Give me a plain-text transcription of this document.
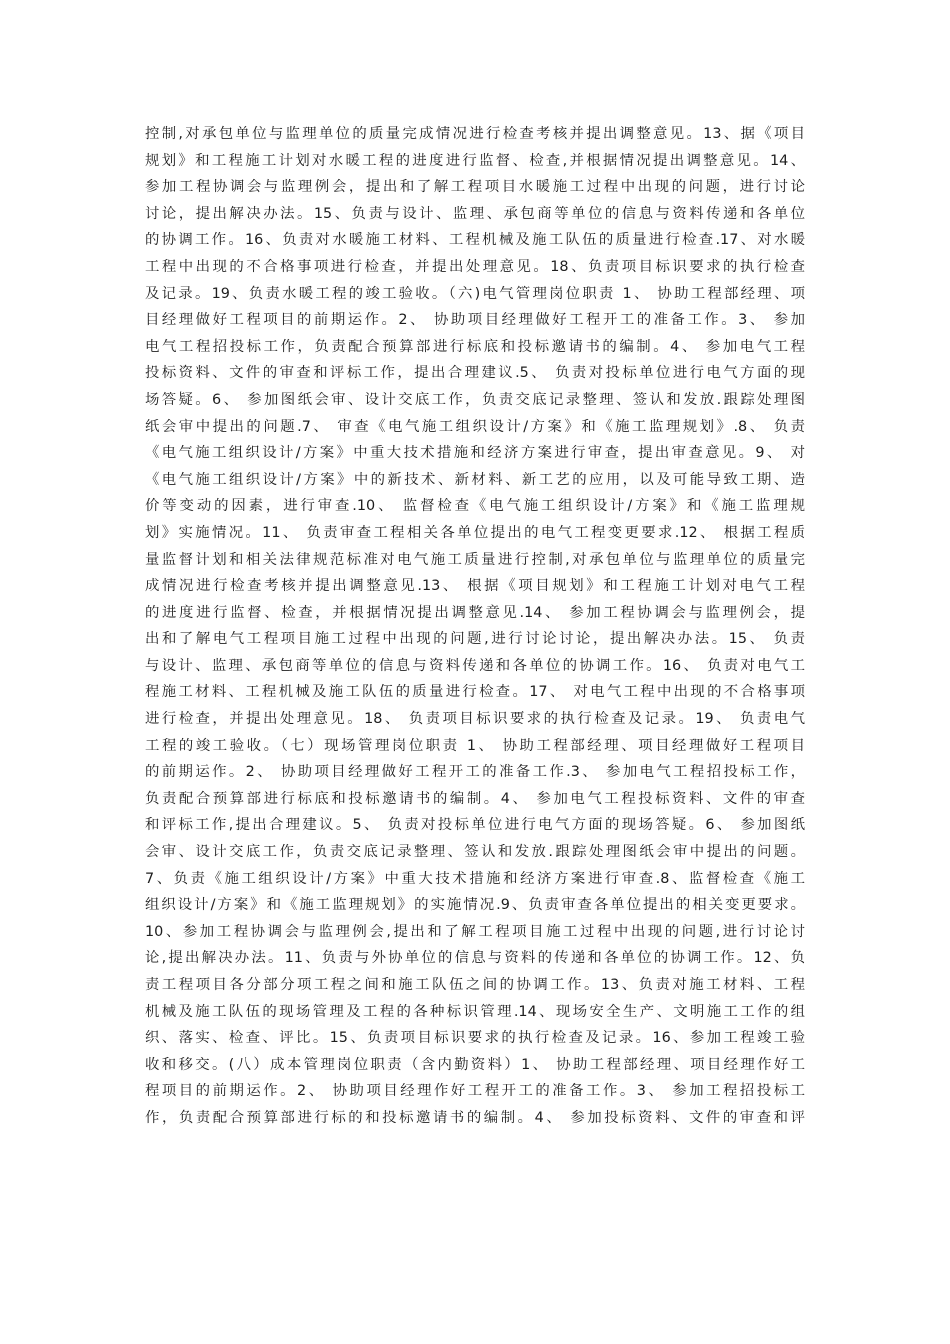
控制,对承包单位与监理单位的质量完成情况进行检查考核并提出调整意见。13、据《项目
规划》和工程施工计划对水暖工程的进度进行监督、检查,并根据情况提出调整意见。14、
参加工程协调会与监理例会，提出和了解工程项目水暖施工过程中出现的问题，进行讨论
讨论，提出解决办法。15、负责与设计、监理、承包商等单位的信息与资料传递和各单位
的协调工作。16、负责对水暖施工材料、工程机械及施工队伍的质量进行检查.17、对水暖
工程中出现的不合格事项进行检查，并提出处理意见。18、负责项目标识要求的执行检查
及记录。19、负责水暖工程的竣工验收。（六)电气管理岗位职责 1、 协助工程部经理、项
目经理做好工程项目的前期运作。2、 协助项目经理做好工程开工的准备工作。3、 参加
电气工程招投标工作，负责配合预算部进行标底和投标邀请书的编制。4、 参加电气工程
投标资料、文件的审查和评标工作，提出合理建议.5、 负责对投标单位进行电气方面的现
场答疑。6、 参加图纸会审、设计交底工作，负责交底记录整理、签认和发放.跟踪处理图
纸会审中提出的问题.7、 审查《电气施工组织设计/方案》和《施工监理规划》.8、 负责
《电气施工组织设计/方案》中重大技术措施和经济方案进行审查，提出审查意见。9、 对
《电气施工组织设计/方案》中的新技术、新材料、新工艺的应用，以及可能导致工期、造
价等变动的因素，进行审查.10、 监督检查《电气施工组织设计/方案》和《施工监理规
划》实施情况。11、 负责审查工程相关各单位提出的电气工程变更要求.12、 根据工程质
量监督计划和相关法律规范标准对电气施工质量进行控制,对承包单位与监理单位的质量完
成情况进行检查考核并提出调整意见.13、 根据《项目规划》和工程施工计划对电气工程
的进度进行监督、检查，并根据情况提出调整意见.14、 参加工程协调会与监理例会，提
出和了解电气工程项目施工过程中出现的问题,进行讨论讨论，提出解决办法。15、 负责
与设计、监理、承包商等单位的信息与资料传递和各单位的协调工作。16、 负责对电气工
程施工材料、工程机械及施工队伍的质量进行检查。17、 对电气工程中出现的不合格事项
进行检查，并提出处理意见。18、 负责项目标识要求的执行检查及记录。19、 负责电气
工程的竣工验收。（七）现场管理岗位职责 1、 协助工程部经理、项目经理做好工程项目
的前期运作。2、 协助项目经理做好工程开工的准备工作.3、 参加电气工程招投标工作，
负责配合预算部进行标底和投标邀请书的编制。4、 参加电气工程投标资料、文件的审查
和评标工作,提出合理建议。5、 负责对投标单位进行电气方面的现场答疑。6、 参加图纸
会审、设计交底工作，负责交底记录整理、签认和发放.跟踪处理图纸会审中提出的问题。
7、负责《施工组织设计/方案》中重大技术措施和经济方案进行审查.8、监督检查《施工
组织设计/方案》和《施工监理规划》的实施情况.9、负责审查各单位提出的相关变更要求。
10、参加工程协调会与监理例会,提出和了解工程项目施工过程中出现的问题,进行讨论讨
论,提出解决办法。11、负责与外协单位的信息与资料的传递和各单位的协调工作。12、负
责工程项目各分部分项工程之间和施工队伍之间的协调工作。13、负责对施工材料、工程
机械及施工队伍的现场管理及工程的各种标识管理.14、现场安全生产、文明施工工作的组
织、落实、检查、评比。15、负责项目标识要求的执行检查及记录。16、参加工程竣工验
收和移交。(八）成本管理岗位职责（含内勤资料）1、 协助工程部经理、项目经理作好工
程项目的前期运作。2、 协助项目经理作好工程开工的准备工作。3、 参加工程招投标工
作，负责配合预算部进行标的和投标邀请书的编制。4、 参加投标资料、文件的审查和评
